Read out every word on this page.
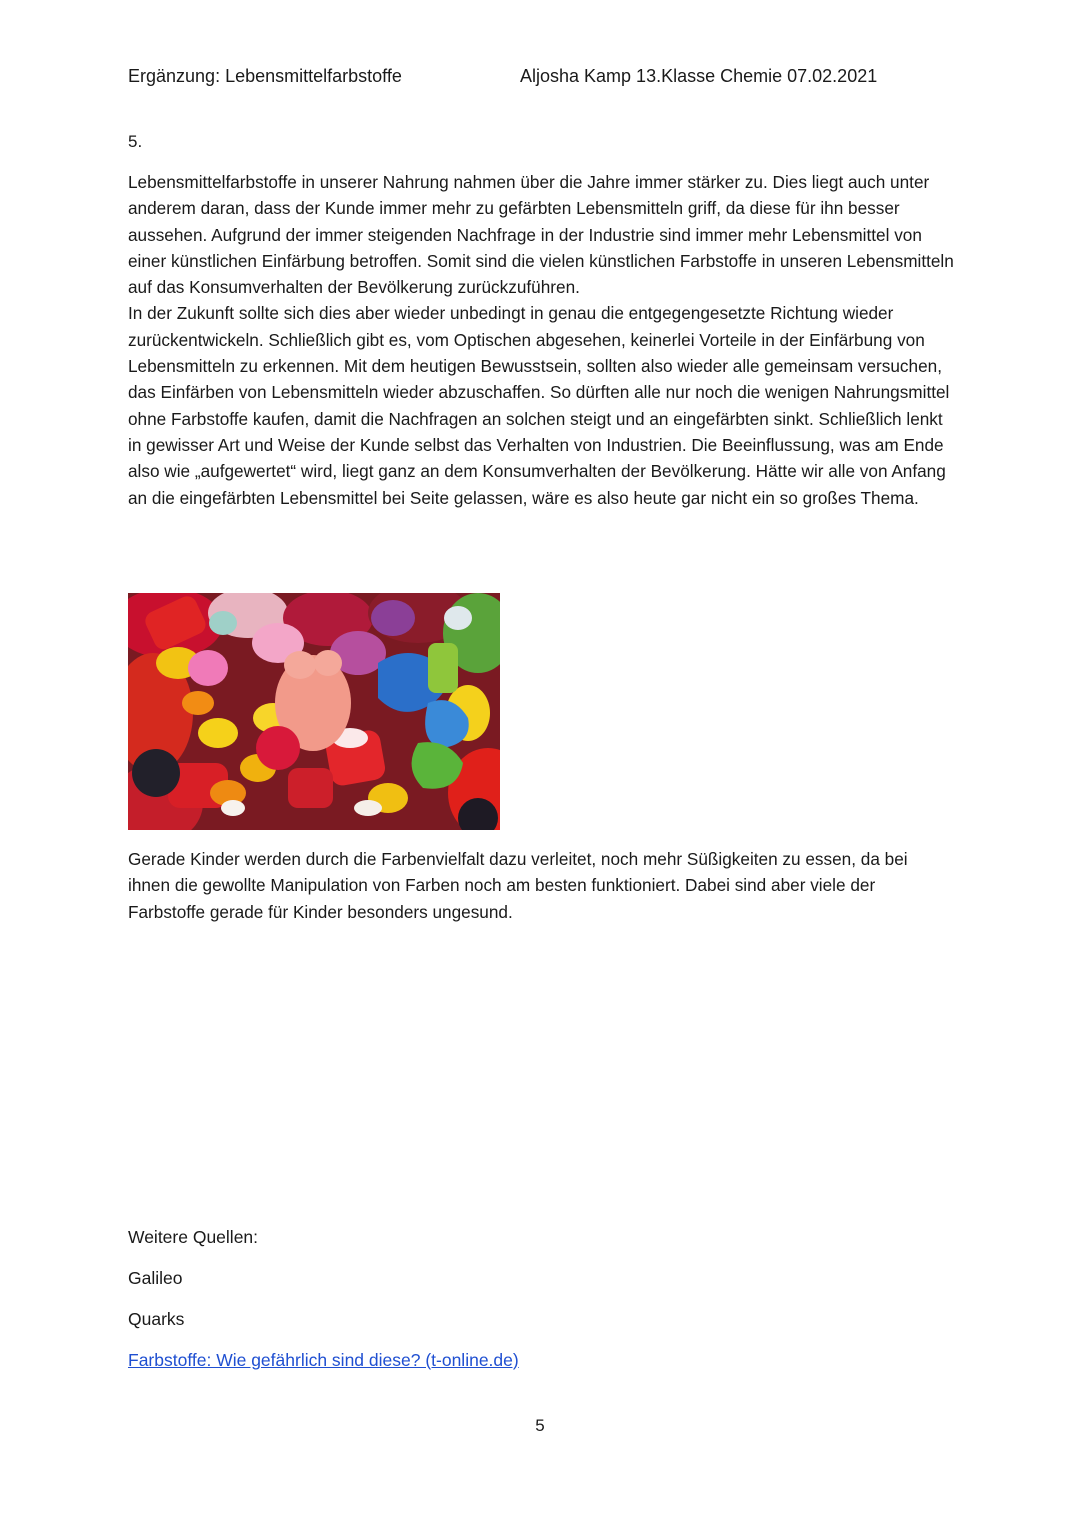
Ergänzung: Lebensmittelfarbstoffe	Aljosha Kamp 13.Klasse Chemie 07.02.2021
5.

Lebensmittelfarbstoffe in unserer Nahrung nahmen über die Jahre immer stärker zu. Dies liegt auch unter anderem daran, dass der Kunde immer mehr zu gefärbten Lebensmitteln griff, da diese für ihn besser aussehen. Aufgrund der immer steigenden Nachfrage in der Industrie sind immer mehr Lebensmittel von einer künstlichen Einfärbung betroffen. Somit sind die vielen künstlichen Farbstoffe in unseren Lebensmitteln auf das Konsumverhalten der Bevölkerung zurückzuführen.

In der Zukunft sollte sich dies aber wieder unbedingt in genau die entgegengesetzte Richtung wieder zurückentwickeln. Schließlich gibt es, vom Optischen abgesehen, keinerlei Vorteile in der Einfärbung von Lebensmitteln zu erkennen. Mit dem heutigen Bewusstsein, sollten also wieder alle gemeinsam versuchen, das Einfärben von Lebensmitteln wieder abzuschaffen. So dürften alle nur noch die wenigen Nahrungsmittel ohne Farbstoffe kaufen, damit die Nachfragen an solchen steigt und an eingefärbten sinkt. Schließlich lenkt in gewisser Art und Weise der Kunde selbst das Verhalten von Industrien. Die Beeinflussung, was am Ende also wie „aufgewertet“ wird, liegt ganz an dem Konsumverhalten der Bevölkerung. Hätte wir alle von Anfang an die eingefärbten Lebensmittel bei Seite gelassen, wäre es also heute gar nicht ein so großes Thema.

Gerade Kinder werden durch die Farbenvielfalt dazu verleitet, noch mehr Süßigkeiten zu essen, da bei ihnen die gewollte Manipulation von Farben noch am besten funktioniert. Dabei sind aber viele der Farbstoffe gerade für Kinder besonders ungesund.
Weitere Quellen:
Galileo
Quarks
Farbstoffe: Wie gefährlich sind diese? (t-online.de)
5
